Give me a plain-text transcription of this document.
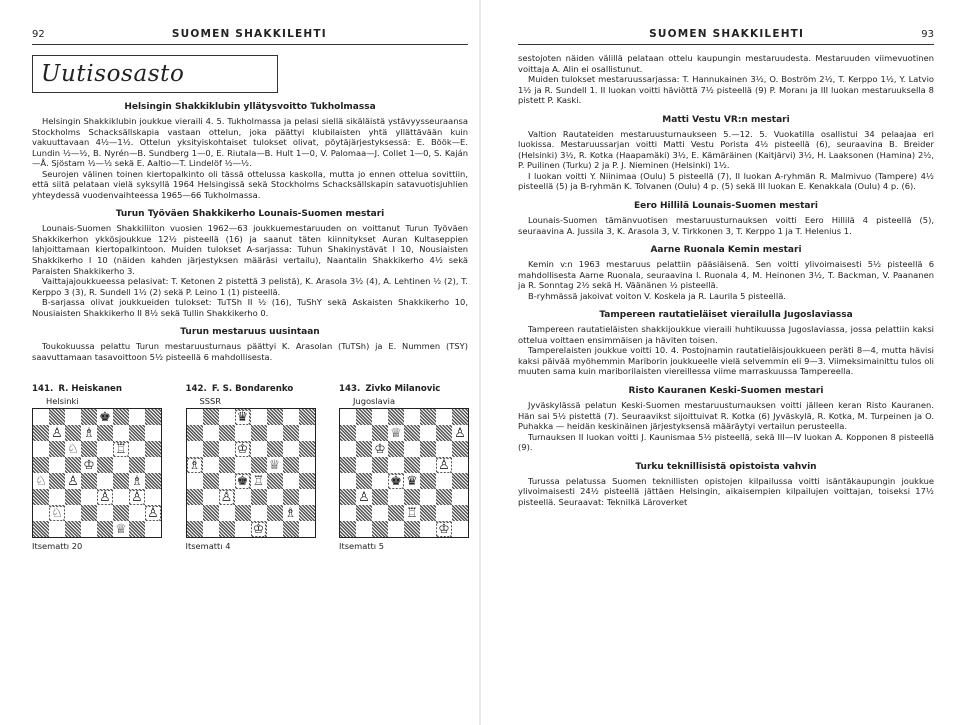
92	SUOMEN SHAKKILEHTI
Uutisosasto
Helsingin Shakkiklubin yllätysvoitto Tukholmassa

Helsingin Shakkiklubin joukkue vieraili 4. 5. Tukholmassa ja pelasi siellä sikäläistä ystävyysseuraansa Stockholms Schacksällskapia vastaan ottelun, joka päättyi klubilaisten yhtä yllättävään kuin vakuuttavaan 4½—1½. Ottelun yksityiskohtaiset tulokset olivat, pöytäjärjestyksessä: E. Böök—E. Lundin ½—½, B. Nyrén—B. Sundberg 1—0, E. Riutala—B. Hult 1—0, V. Palomaa—J. Collet 1—0, S. Kaján—Å. Sjöstam ½—½ sekä E. Aaltio—T. Lindelöf ½—½.

Seurojen välinen toinen kiertopalkinto oli tässä ottelussa kaskolla, mutta jo ennen ottelua sovittiin, että siitä pelataan vielä syksyllä 1964 Helsingissä sekä Stockholms Schacksällskapin satavuotisjuhlien yhteydessä vuodenvaihteessa 1965—66 Tukholmassa.

Turun Työväen Shakkikerho Lounais-Suomen mestari

Lounais-Suomen Shakkiliiton vuosien 1962—63 joukkuemestaruuden on voittanut Turun Työväen Shakkikerhon ykkösjoukkue 12½ pisteellä (16) ja saanut täten kiinnitykset Auran Kultaseppien lahjoittamaan kiertopalkintoon. Muiden tulokset A-sarjassa: Tuhun Shakinystävät I 10, Nousiaisten Shakkikerho I 10 (näiden kahden järjestyksen määräsi vertailu), Naantalin Shakkikerho 4½ sekä Paraisten Shakkikerho 3.

Vaittajajoukkueessa pelasivat: T. Ketonen 2 pistettä 3 pelistä), K. Arasola 3½ (4), A. Lehtinen ½ (2), T. Kerppo 3 (3), R. Sundell 1½ (2) sekä P. Leino 1 (1) pisteellä.

B-sarjassa olivat joukkueiden tulokset: TuTSh II ½ (16), TuShY sekä Askaisten Shakkikerho 10, Nousiaisten Shakkikerho II 8½ sekä Tullin Shakkikerho 0.

Turun mestaruus uusintaan

Toukokuussa pelattu Turun mestaruusturnaus päättyi K. Arasolan (TuTSh) ja E. Nummen (TSY) saavuttamaan tasavoittoon 5½ pisteellä 6 mahdollisesta.

141. R. Heiskanen
Helsinki
♚
♙ ♗
♘	♖
♔
♘ ♙	♗
♙ ♙
♘	♙
♕
Itsemattı 20
142. F. S. Bondarenko
SSSR
♛
♔
♗	♕
♚ ♖
♙
♗
♔
Itsemattı 4
143. Zivko Milanovic
Jugoslavia
♕	♙
♔
♙
♚ ♛
♙
♖
♔
Itsemattı 5
SUOMEN SHAKKILEHTI	93

sestojoten näiden välillä pelataan ottelu kaupungin mestaruudesta. Mestaruuden viimevuotinen voittaja A. Alin ei osallistunut.

Muiden tulokset mestaruussarjassa: T. Hannukainen 3½, O. Boström 2½, T. Kerppo 1½, Y. Latvio 1½ ja R. Sundell 1. II luokan voitti häviöttä 7½ pisteellä (9) P. Moranı ja III luokan mestaruuksella 8 pistett P. Kaski.

Matti Vestu VR:n mestari

Valtion Rautateiden mestaruusturnaukseen 5.—12. 5. Vuokatilla osallistui 34 pelaajaa eri luokissa. Mestaruussarjan voitti Matti Vestu Porista 4½ pisteellä (6), seuraavina B. Breider (Helsinki) 3½, R. Kotka (Haapamäki) 3½, E. Kämäräinen (Kaitjärvi) 3½, H. Laaksonen (Hamina) 2½, P. Puilinen (Turku) 2 ja P. J. Nieminen (Helsinki) 1½.

I luokan voitti Y. Niinimaa (Oulu) 5 pisteellä (7), II luokan A-ryhmän R. Malmivuo (Tampere) 4½ pisteellä (5) ja B-ryhmän K. Tolvanen (Oulu) 4 p. (5) sekä III luokan E. Kenakkala (Oulu) 4 p. (6).

Eero Hillilä Lounais-Suomen mestari

Lounais-Suomen tämänvuotisen mestaruusturnauksen voitti Eero Hillilä 4 pisteellä (5), seuraavina A. Jussila 3, K. Arasola 3, V. Tirkkonen 3, T. Kerppo 1 ja T. Helenius 1.

Aarne Ruonala Kemin mestari

Kemin v:n 1963 mestaruus pelattiin pääsiäisenä. Sen voitti ylivoimaisesti 5½ pisteellä 6 mahdollisesta Aarne Ruonala, seuraavina I. Ruonala 4, M. Heinonen 3½, T. Backman, V. Paananen ja R. Sonntag 2½ sekä H. Väänänen ½ pisteellä.

B-ryhmässä jakoivat voiton V. Koskela ja R. Laurila 5 pisteellä.

Tampereen rautatieläiset vierailulla Jugoslaviassa

Tampereen rautatieläisten shakkijoukkue vieraili huhtikuussa Jugoslaviassa, jossa pelattiin kaksi ottelua voittaen ensimmäisen ja häviten toisen.

Tamperelaisten joukkue voitti 10. 4. Postojnamin rautatieläisjoukkueen peräti 8—4, mutta hävisi kaksi päivää myöhemmin Mariborin joukkueelle vielä selvemmin eli 9—3. Viimeksimainittu tulos oli muuten sama kuin mariborilaisten viereillessa viime marraskuussa Tampereella.

Risto Kauranen Keski-Suomen mestari

Jyväskylässä pelatun Keski-Suomen mestaruusturnauksen voitti jälleen keran Risto Kauranen. Hän sai 5½ pistettä (7). Seuraavikst sijoittuivat R. Kotka (6) Jyväskylä, R. Kotka, M. Turpeinen ja O. Puhakka — heidän keskinäinen järjestyksensä määräytyi vertailun perusteella.

Turnauksen II luokan voitti J. Kaunismaa 5½ pisteellä, sekä III—IV luokan A. Kopponen 8 pisteellä (9).

Turku teknillisistä opistoista vahvin

Turussa pelatussa Suomen teknillisten opistojen kilpailussa voitti isäntäkaupungin joukkue ylivoimaisesti 24½ pisteellä jättäen Helsingin, aikaisempien kilpailujen voittajan, toiseksi 17½ pisteellä. Seuraavat: Teknilkä Läroverket
